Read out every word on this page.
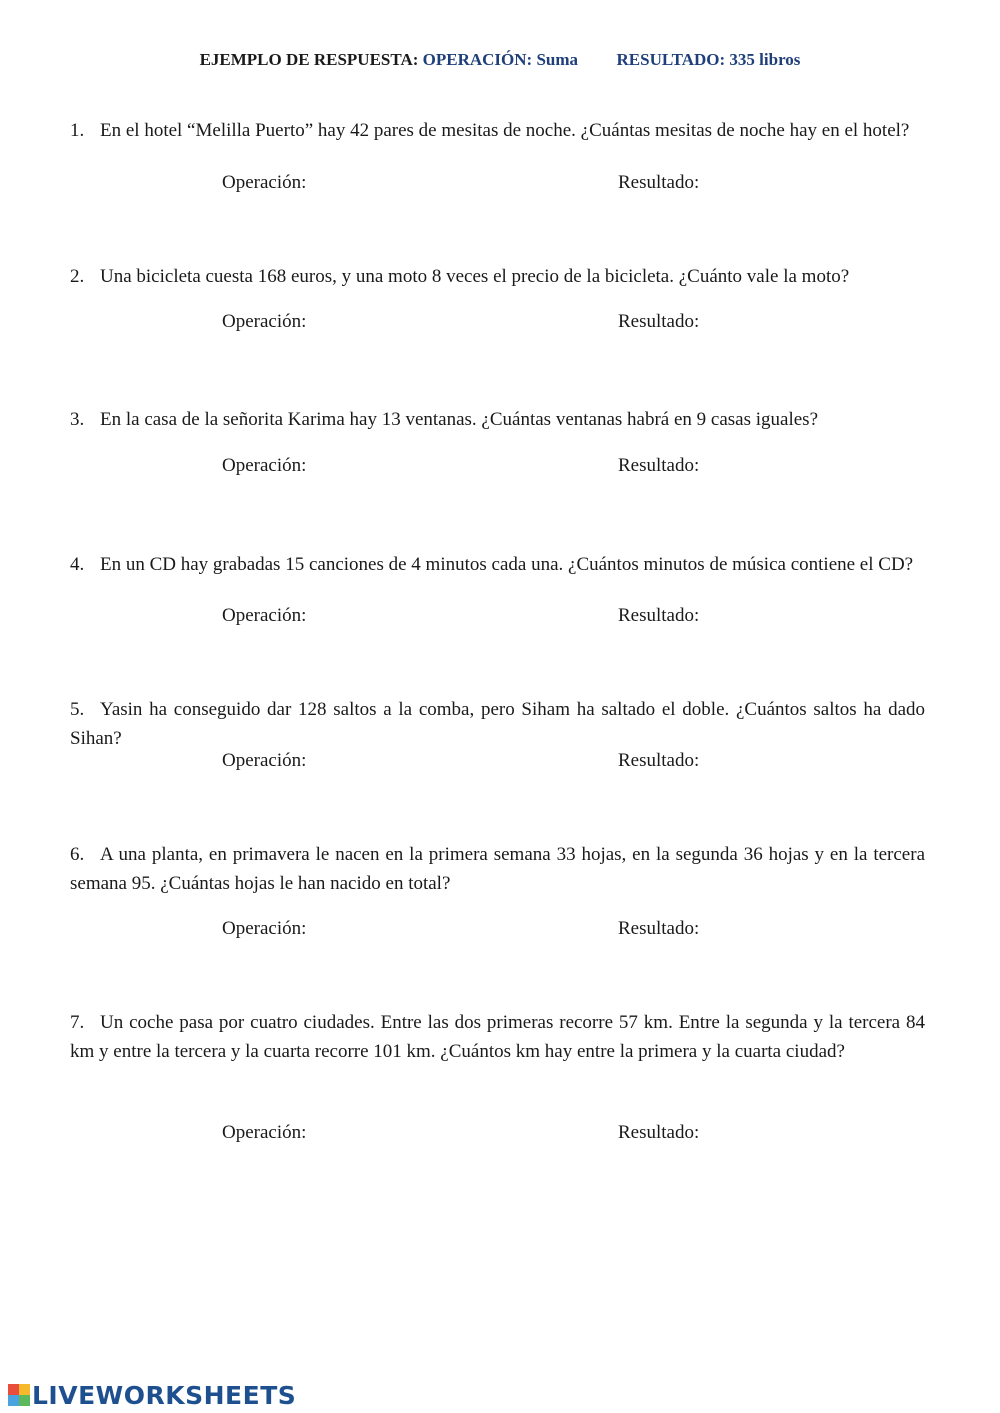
EJEMPLO DE RESPUESTA: OPERACIÓN: Suma RESULTADO: 335 libros
1. En el hotel “Melilla Puerto” hay 42 pares de mesitas de noche. ¿Cuántas mesitas de noche hay en el hotel?
Operación:	Resultado:
2. Una bicicleta cuesta 168 euros, y una moto 8 veces el precio de la bicicleta. ¿Cuánto vale la moto?
Operación:	Resultado:
3. En la casa de la señorita Karima hay 13 ventanas. ¿Cuántas ventanas habrá en 9 casas iguales?
Operación:	Resultado:
4. En un CD hay grabadas 15 canciones de 4 minutos cada una. ¿Cuántos minutos de música contiene el CD?
Operación:	Resultado:
5. Yasin ha conseguido dar 128 saltos a la comba, pero Siham ha saltado el doble. ¿Cuántos saltos ha dado Sihan?
Operación:	Resultado:
6. A una planta, en primavera le nacen en la primera semana 33 hojas, en la segunda 36 hojas y en la tercera semana 95. ¿Cuántas hojas le han nacido en total?
Operación:	Resultado:
7. Un coche pasa por cuatro ciudades. Entre las dos primeras recorre 57 km. Entre la segunda y la tercera 84 km y entre la tercera y la cuarta recorre 101 km. ¿Cuántos km hay entre la primera y la cuarta ciudad?
Operación:	Resultado:
LIVEWORKSHEETS
